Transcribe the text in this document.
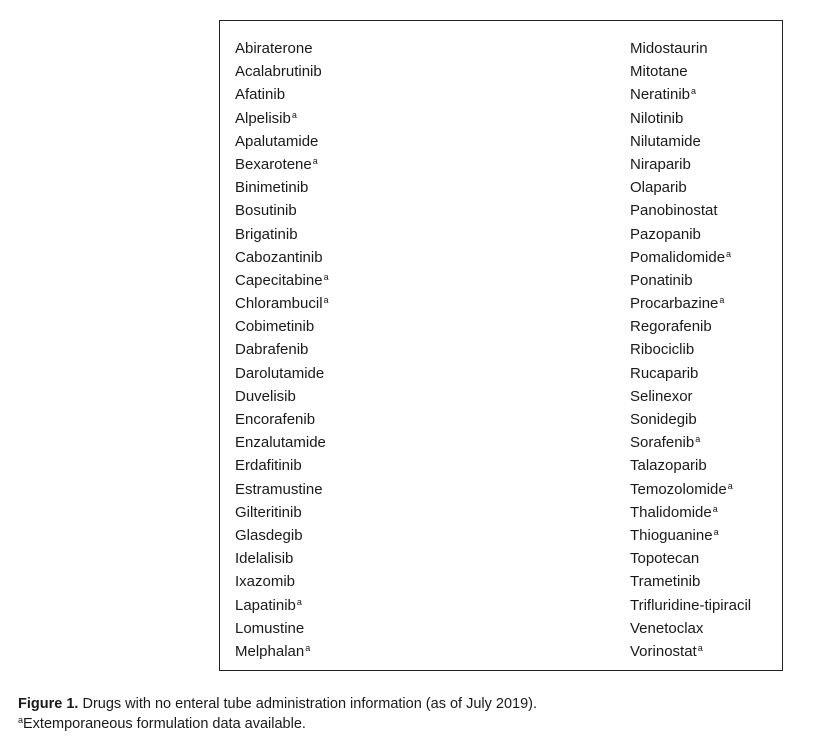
Abiraterone
Acalabrutinib
Afatinib
Alpelisib$^a$
Apalutamide
Bexarotene$^a$
Binimetinib
Bosutinib
Brigatinib
Cabozantinib
Capecitabine$^a$
Chlorambucil$^a$
Cobimetinib
Dabrafenib
Darolutamide
Duvelisib
Encorafenib
Enzalutamide
Erdafitinib
Estramustine
Gilteritinib
Glasdegib
Idelalisib
Ixazomib
Lapatinib$^a$
Lomustine
Melphalan$^a$
Midostaurin
Mitotane
Neratinib$^a$
Nilotinib
Nilutamide
Niraparib
Olaparib
Panobinostat
Pazopanib
Pomalidomide$^a$
Ponatinib
Procarbazine$^a$
Regorafenib
Ribociclib
Rucaparib
Selinexor
Sonidegib
Sorafenib$^a$
Talazoparib
Temozolomide$^a$
Thalidomide$^a$
Thioguanine$^a$
Topotecan
Trametinib
Trifluridine-tipiracil
Venetoclax
Vorinostat$^a$
Figure 1. Drugs with no enteral tube administration information (as of July 2019).
$^a$Extemporaneous formulation data available.
